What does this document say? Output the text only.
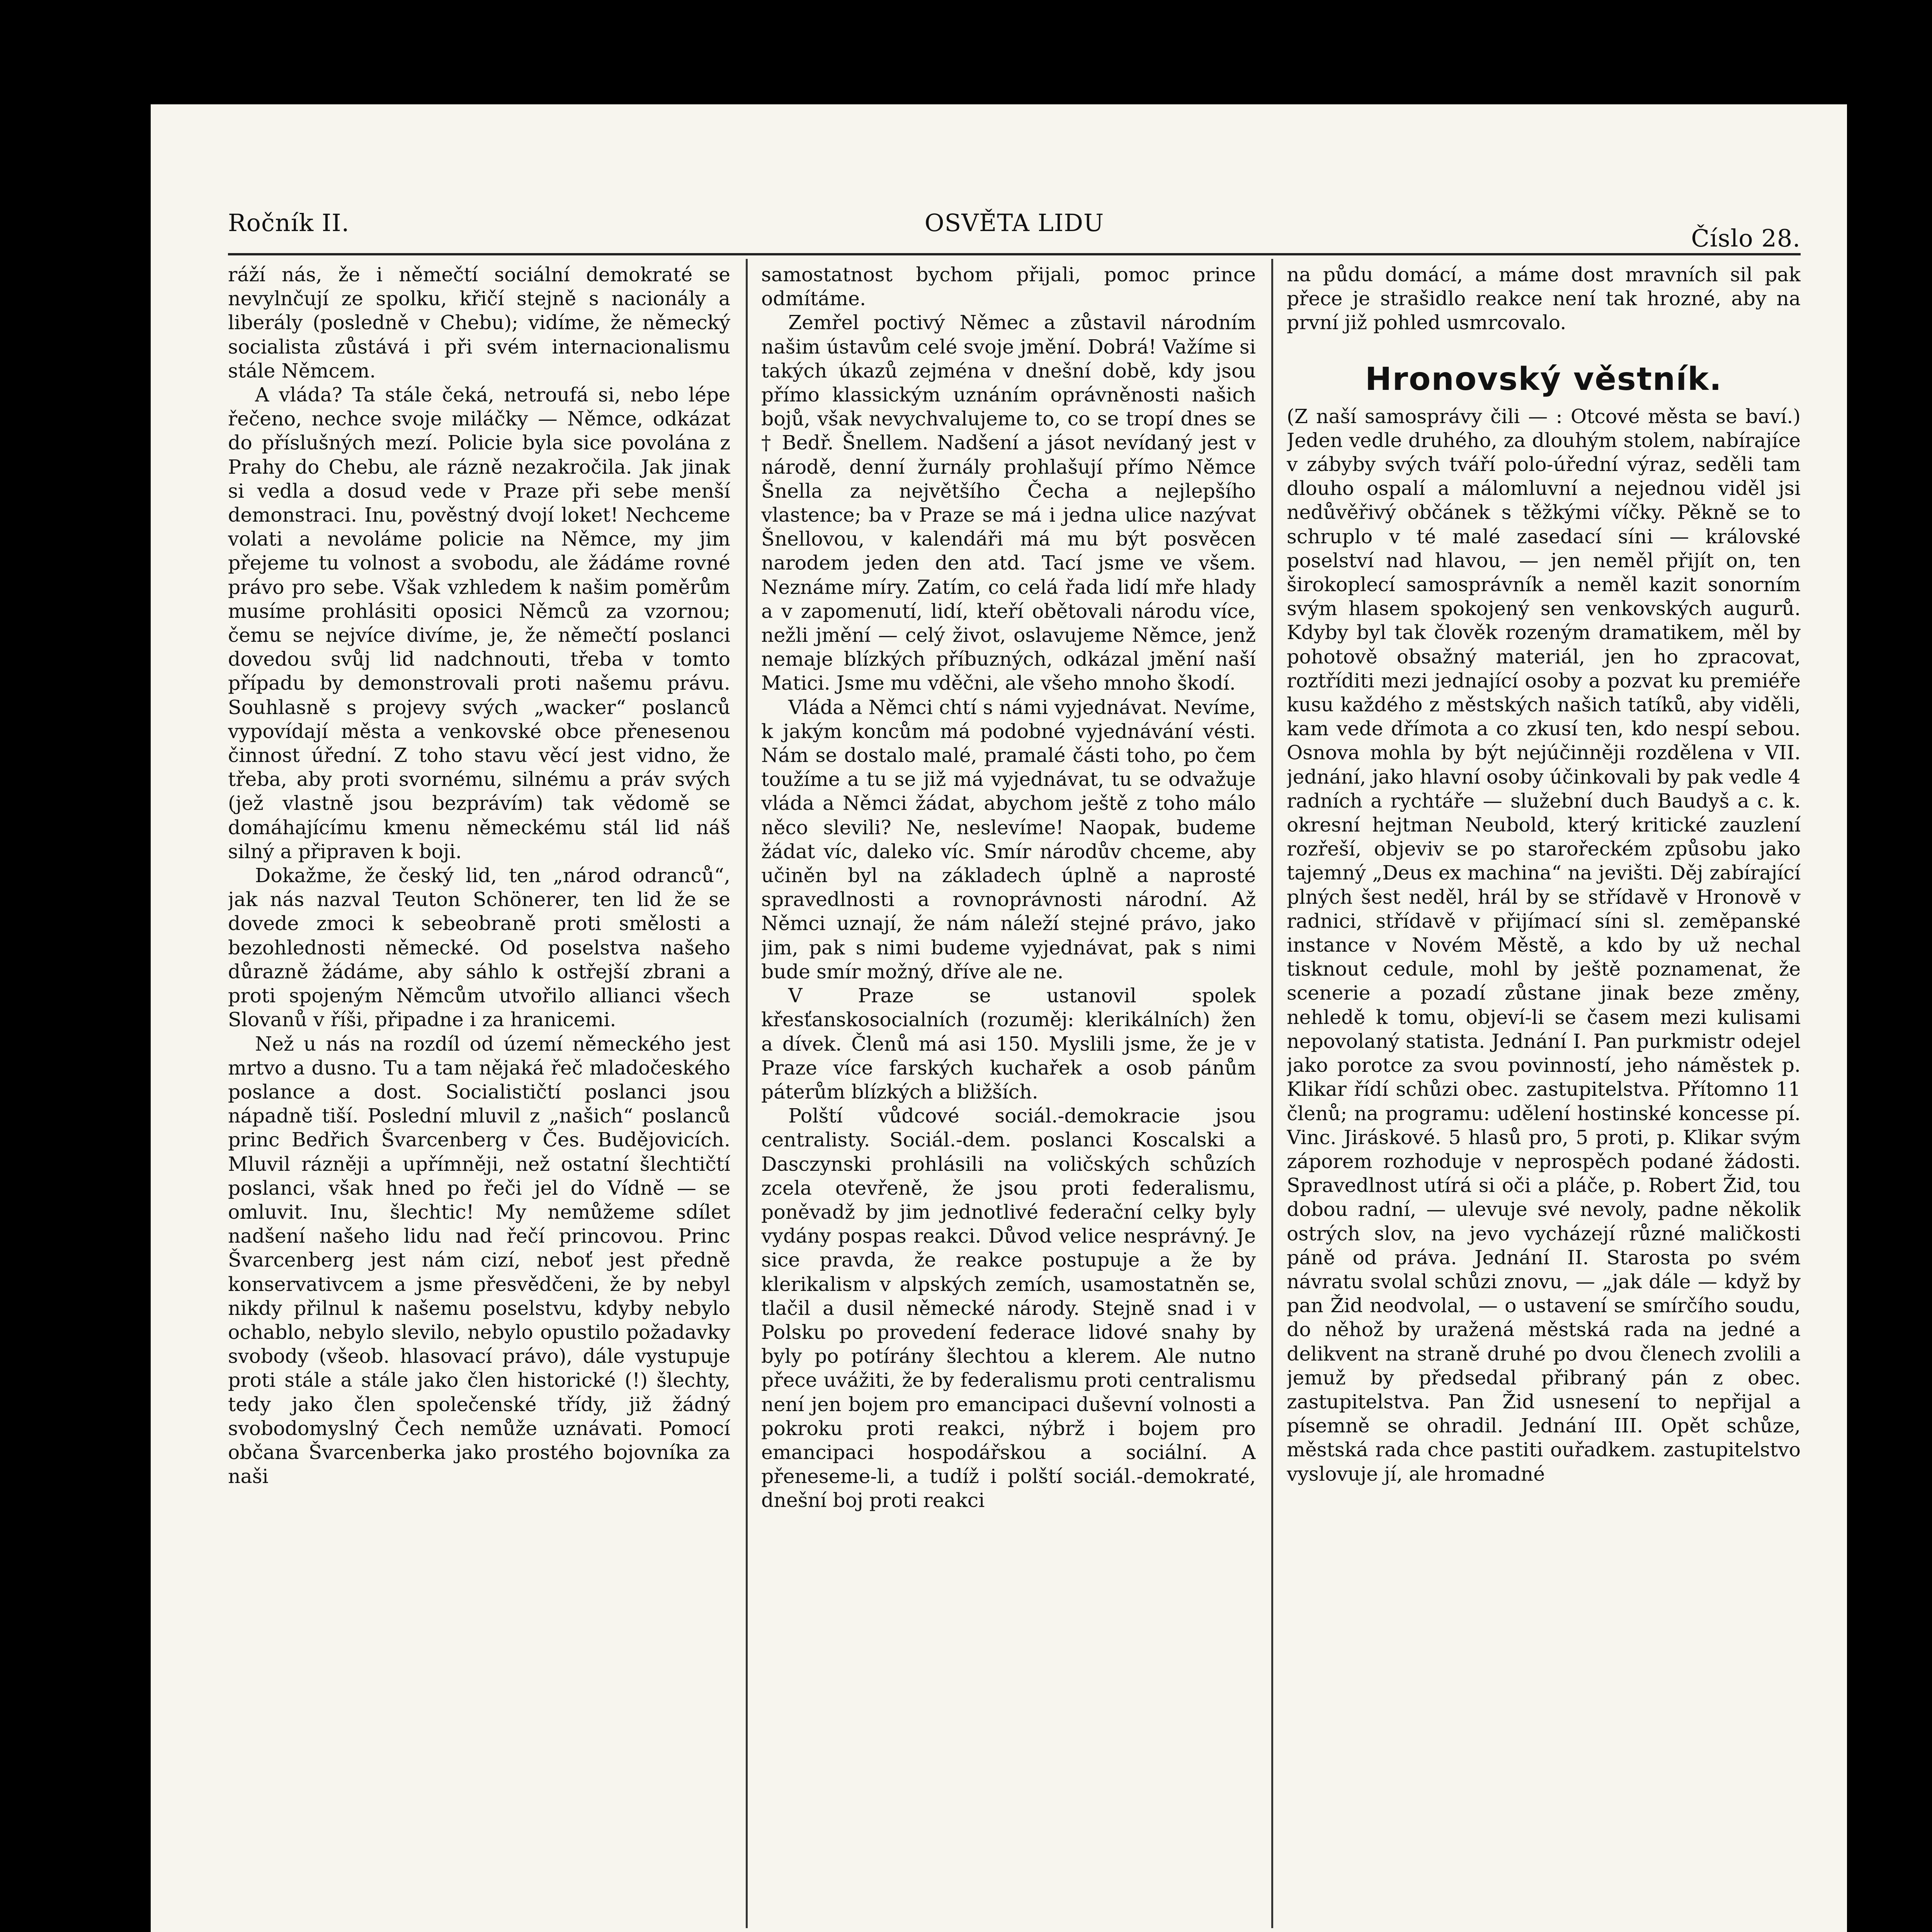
Ročník II.	OSVĚTA LIDU
Číslo 28.

ráží nás, že i němečtí sociální demokraté se nevylnčují ze spolku, křičí stejně s nacionály a liberály (posledně v Chebu); vidíme, že německý socialista zůstává i při svém internacionalismu stále Němcem.

A vláda? Ta stále čeká, netroufá si, nebo lépe řečeno, nechce svoje miláčky — Němce, odkázat do příslušných mezí. Policie byla sice povolána z Prahy do Chebu, ale rázně nezakročila. Jak jinak si vedla a dosud vede v Praze při sebe menší demonstraci. Inu, pověstný dvojí loket! Nechceme volati a nevoláme policie na Němce, my jim přejeme tu volnost a svobodu, ale žádáme rovné právo pro sebe. Však vzhledem k našim poměrům musíme prohlásiti oposici Němců za vzornou; čemu se nejvíce divíme, je, že němečtí poslanci dovedou svůj lid nadchnouti, třeba v tomto případu by demonstrovali proti našemu právu. Souhlasně s projevy svých „wacker“ poslanců vypovídají města a venkovské obce přenesenou činnost úřední. Z toho stavu věcí jest vidno, že třeba, aby proti svornému, silnému a práv svých (jež vlastně jsou bezprávím) tak vědomě se domáhajícímu kmenu německému stál lid náš silný a připraven k boji.

Dokažme, že český lid, ten „národ odranců“, jak nás nazval Teuton Schönerer, ten lid že se dovede zmoci k sebeobraně proti smělosti a bezohlednosti německé. Od poselstva našeho důrazně žádáme, aby sáhlo k ostřejší zbrani a proti spojeným Němcům utvořilo allianci všech Slovanů v říši, připadne i za hranicemi.

Než u nás na rozdíl od území německého jest mrtvo a dusno. Tu a tam nějaká řeč mladočeského poslance a dost. Socialističtí poslanci jsou nápadně tiší. Poslední mluvil z „našich“ poslanců princ Bedřich Švarcenberg v Čes. Budějovicích. Mluvil rázněji a upřímněji, než ostatní šlechtičtí poslanci, však hned po řeči jel do Vídně — se omluvit. Inu, šlechtic! My nemůžeme sdílet nadšení našeho lidu nad řečí princovou. Princ Švarcenberg jest nám cizí, neboť jest předně konservativcem a jsme přesvědčeni, že by nebyl nikdy přilnul k našemu poselstvu, kdyby nebylo ochablo, nebylo slevilo, nebylo opustilo požadavky svobody (všeob. hlasovací právo), dále vystupuje proti stále a stále jako člen historické (!) šlechty, tedy jako člen společenské třídy, již žádný svobodomyslný Čech nemůže uznávati. Pomocí občana Švarcenberka jako prostého bojovníka za naši

samostatnost bychom přijali, pomoc prince odmítáme.

Zemřel poctivý Němec a zůstavil národním našim ústavům celé svoje jmění. Dobrá! Važíme si takých úkazů zejména v dnešní době, kdy jsou přímo klassickým uznáním oprávněnosti našich bojů, však nevychvalujeme to, co se tropí dnes se † Bedř. Šnellem. Nadšení a jásot nevídaný jest v národě, denní žurnály prohlašují přímo Němce Šnella za největšího Čecha a nejlepšího vlastence; ba v Praze se má i jedna ulice nazývat Šnellovou, v kalendáři má mu být posvěcen narodem jeden den atd. Tací jsme ve všem. Neznáme míry. Zatím, co celá řada lidí mře hlady a v zapomenutí, lidí, kteří obětovali národu více, nežli jmění — celý život, oslavujeme Němce, jenž nemaje blízkých příbuzných, odkázal jmění naší Matici. Jsme mu vděčni, ale všeho mnoho škodí.

Vláda a Němci chtí s námi vyjednávat. Nevíme, k jakým koncům má podobné vyjednávání vésti. Nám se dostalo malé, pramalé části toho, po čem toužíme a tu se již má vyjednávat, tu se odvažuje vláda a Němci žádat, abychom ještě z toho málo něco slevili? Ne, neslevíme! Naopak, budeme žádat víc, daleko víc. Smír národův chceme, aby učiněn byl na základech úplně a naprosté spravedlnosti a rovnoprávnosti národní. Až Němci uznají, že nám náleží stejné právo, jako jim, pak s nimi budeme vyjednávat, pak s nimi bude smír možný, dříve ale ne.

V Praze se ustanovil spolek křesťanskosocialních (rozuměj: klerikálních) žen a dívek. Členů má asi 150. Myslili jsme, že je v Praze více farských kuchařek a osob pánům páterům blízkých a bližších.

Polští vůdcové sociál.-demokracie jsou centralisty. Sociál.-dem. poslanci Koscalski a Dasczynski prohlásili na voličských schůzích zcela otevřeně, že jsou proti federalismu, poněvadž by jim jednotlivé federační celky byly vydány pospas reakci. Důvod velice nesprávný. Je sice pravda, že reakce postupuje a že by klerikalism v alpských zemích, usamostatněn se, tlačil a dusil německé národy. Stejně snad i v Polsku po provedení federace lidové snahy by byly po potírány šlechtou a klerem. Ale nutno přece uvážiti, že by federalismu proti centralismu není jen bojem pro emancipaci duševní volnosti a pokroku proti reakci, nýbrž i bojem pro emancipaci hospodářskou a sociální. A přeneseme-li, a tudíž i polští sociál.-demokraté, dnešní boj proti reakci

na půdu domácí, a máme dost mravních sil pak přece je strašidlo reakce není tak hrozné, aby na první již pohled usmrcovalo.

Hronovský věstník.

(Z naší samosprávy čili — : Otcové města se baví.) Jeden vedle druhého, za dlouhým stolem, nabírajíce v zábyby svých tváří polo-úřední výraz, seděli tam dlouho ospalí a málomluvní a nejednou viděl jsi nedůvěřivý občánek s těžkými víčky. Pěkně se to schruplo v té malé zasedací síni — královské poselství nad hlavou, — jen neměl přijít on, ten širokoplecí samosprávník a neměl kazit sonorním svým hlasem spokojený sen venkovských augurů. Kdyby byl tak člověk rozeným dramatikem, měl by pohotově obsažný materiál, jen ho zpracovat, roztříditi mezi jednající osoby a pozvat ku premiéře kusu každého z městských našich tatíků, aby viděli, kam vede dřímota a co zkusí ten, kdo nespí sebou. Osnova mohla by být nejúčinněji rozdělena v VII. jednání, jako hlavní osoby účinkovali by pak vedle 4 radních a rychtáře — služební duch Baudyš a c. k. okresní hejtman Neubold, který kritické zauzlení rozřeší, objeviv se po starořeckém způsobu jako tajemný „Deus ex machina“ na jevišti. Děj zabírající plných šest neděl, hrál by se střídavě v Hronově v radnici, střídavě v přijímací síni sl. zeměpanské instance v Novém Městě, a kdo by už nechal tisknout cedule, mohl by ještě poznamenat, že scenerie a pozadí zůstane jinak beze změny, nehledě k tomu, objeví-li se časem mezi kulisami nepovolaný statista. Jednání I. Pan purkmistr odejel jako porotce za svou povinností, jeho náměstek p. Klikar řídí schůzi obec. zastupitelstva. Přítomno 11 členů; na programu: udělení hostinské koncesse pí. Vinc. Jiráskové. 5 hlasů pro, 5 proti, p. Klikar svým záporem rozhoduje v neprospěch podané žádosti. Spravedlnost utírá si oči a pláče, p. Robert Žid, tou dobou radní, — ulevuje své nevoly, padne několik ostrých slov, na jevo vycházejí různé maličkosti páně od práva. Jednání II. Starosta po svém návratu svolal schůzi znovu, — „jak dále — když by pan Žid neodvolal, — o ustavení se smírčího soudu, do něhož by uražená městská rada na jedné a delikvent na straně druhé po dvou členech zvolili a jemuž by předsedal přibraný pán z obec. zastupitelstva. Pan Žid usnesení to nepřijal a písemně se ohradil. Jednání III. Opět schůze, městská rada chce pastiti ouřadkem. zastupitelstvo vyslovuje jí, ale hromadné
